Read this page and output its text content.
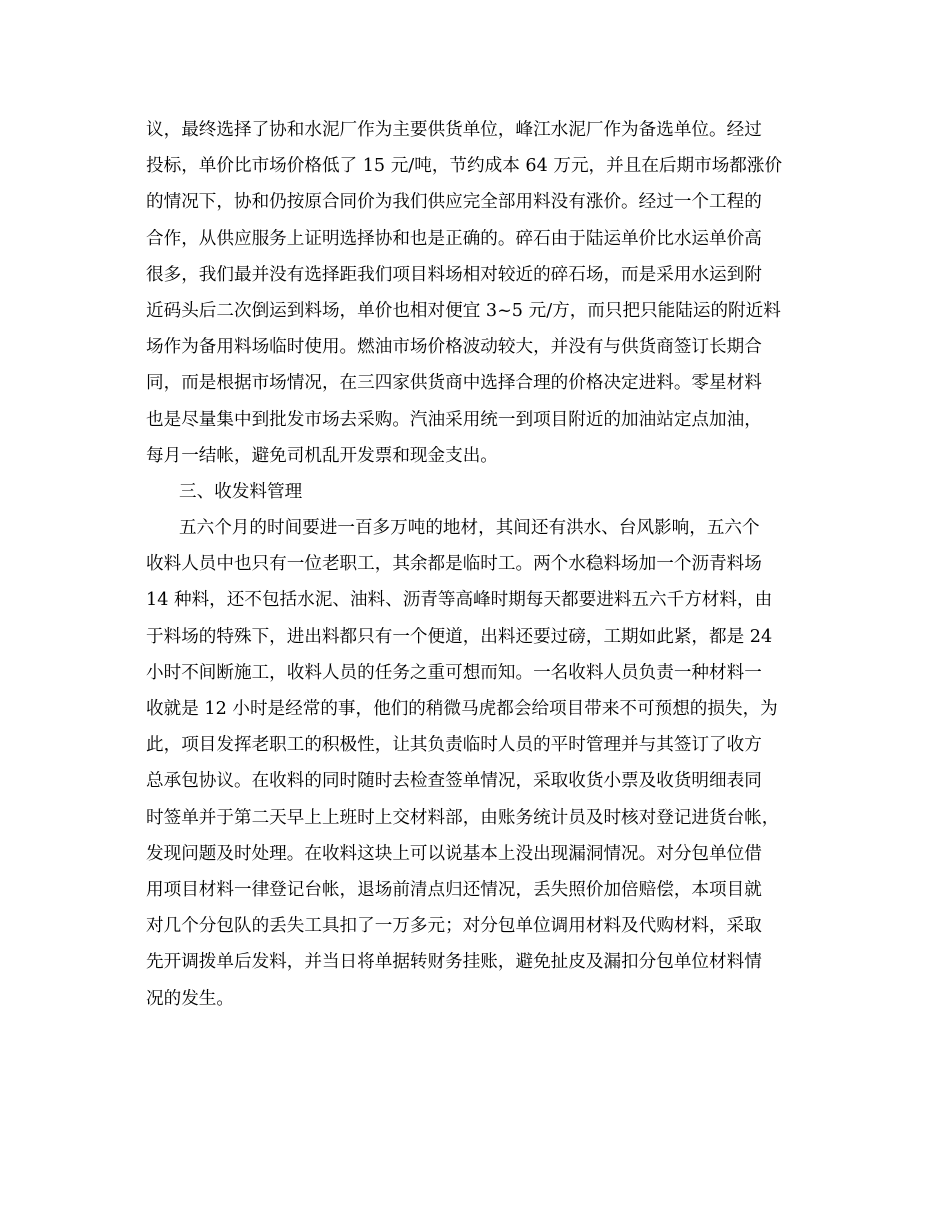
议，最终选择了协和水泥厂作为主要供货单位，峰江水泥厂作为备选单位。经过
投标，单价比市场价格低了 15 元/吨，节约成本 64 万元，并且在后期市场都涨价
的情况下，协和仍按原合同价为我们供应完全部用料没有涨价。经过一个工程的
合作，从供应服务上证明选择协和也是正确的。碎石由于陆运单价比水运单价高
很多，我们最并没有选择距我们项目料场相对较近的碎石场，而是采用水运到附
近码头后二次倒运到料场，单价也相对便宜 3~5 元/方，而只把只能陆运的附近料
场作为备用料场临时使用。燃油市场价格波动较大，并没有与供货商签订长期合
同，而是根据市场情况，在三四家供货商中选择合理的价格决定进料。零星材料
也是尽量集中到批发市场去采购。汽油采用统一到项目附近的加油站定点加油，
每月一结帐，避免司机乱开发票和现金支出。
三、收发料管理
五六个月的时间要进一百多万吨的地材，其间还有洪水、台风影响，五六个
收料人员中也只有一位老职工，其余都是临时工。两个水稳料场加一个沥青料场
14 种料，还不包括水泥、油料、沥青等高峰时期每天都要进料五六千方材料，由
于料场的特殊下，进出料都只有一个便道，出料还要过磅，工期如此紧，都是 24
小时不间断施工，收料人员的任务之重可想而知。一名收料人员负责一种材料一
收就是 12 小时是经常的事，他们的稍微马虎都会给项目带来不可预想的损失，为
此，项目发挥老职工的积极性，让其负责临时人员的平时管理并与其签订了收方
总承包协议。在收料的同时随时去检查签单情况，采取收货小票及收货明细表同
时签单并于第二天早上上班时上交材料部，由账务统计员及时核对登记进货台帐，
发现问题及时处理。在收料这块上可以说基本上没出现漏洞情况。对分包单位借
用项目材料一律登记台帐，退场前清点归还情况，丢失照价加倍赔偿，本项目就
对几个分包队的丢失工具扣了一万多元；对分包单位调用材料及代购材料，采取
先开调拨单后发料，并当日将单据转财务挂账，避免扯皮及漏扣分包单位材料情
况的发生。
